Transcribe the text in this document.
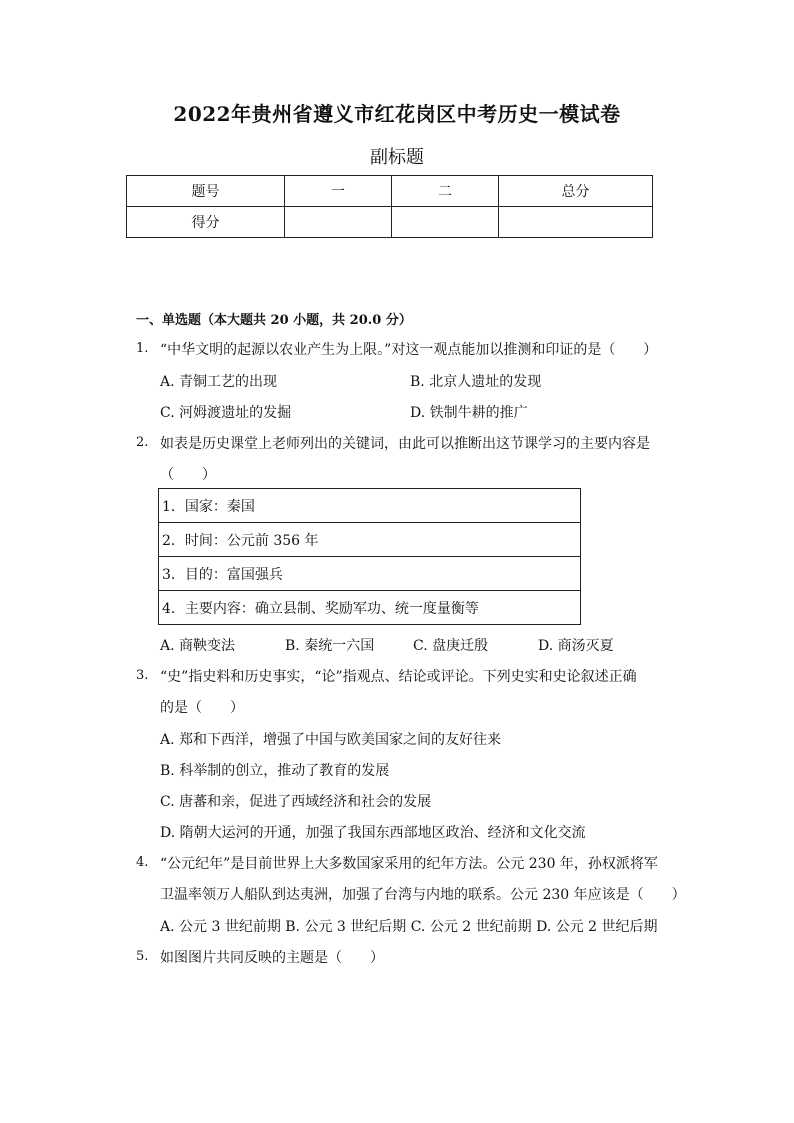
2022年贵州省遵义市红花岗区中考历史一模试卷
副标题
题号	一	二	总分
得分			
一、单选题（本大题共 20 小题，共 20.0 分）
1. “中华文明的起源以农业产生为上限。”对这一观点能加以推测和印证的是（　　）
A. 青铜工艺的出现	B. 北京人遗址的发现
C. 河姆渡遗址的发掘	D. 铁制牛耕的推广
2. 如表是历史课堂上老师列出的关键词，由此可以推断出这节课学习的主要内容是
（　　）
1．国家：秦国
2．时间：公元前 356 年
3．目的：富国强兵
4．主要内容：确立县制、奖励军功、统一度量衡等
A. 商鞅变法	B. 秦统一六国	C. 盘庚迁殷	D. 商汤灭夏
3. “史”指史料和历史事实，“论”指观点、结论或评论。下列史实和史论叙述正确
的是（　　）
A. 郑和下西洋，增强了中国与欧美国家之间的友好往来
B. 科举制的创立，推动了教育的发展
C. 唐蕃和亲，促进了西域经济和社会的发展
D. 隋朝大运河的开通，加强了我国东西部地区政治、经济和文化交流
4. “公元纪年”是目前世界上大多数国家采用的纪年方法。公元 230 年，孙权派将军
卫温率领万人船队到达夷洲，加强了台湾与内地的联系。公元 230 年应该是（　　）
A. 公元 3 世纪前期 B. 公元 3 世纪后期 C. 公元 2 世纪前期 D. 公元 2 世纪后期
5. 如图图片共同反映的主题是（　　）
